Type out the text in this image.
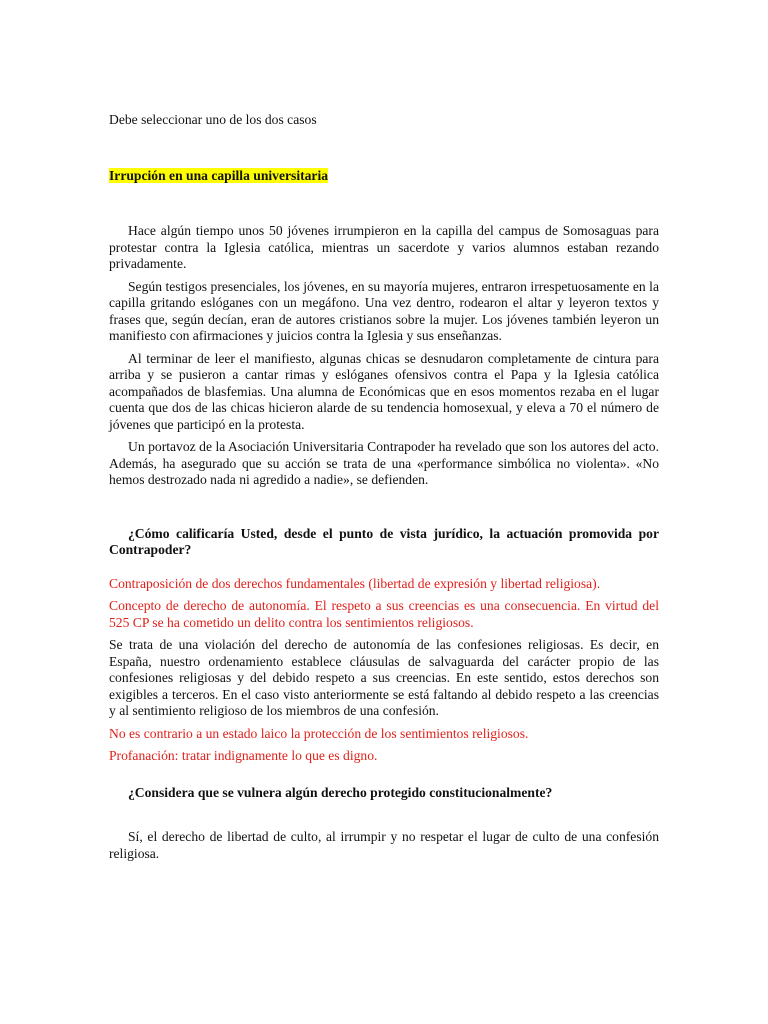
Debe seleccionar uno de los dos casos
Irrupción en una capilla universitaria

Hace algún tiempo unos 50 jóvenes irrumpieron en la capilla del campus de Somosaguas para protestar contra la Iglesia católica, mientras un sacerdote y varios alumnos estaban rezando privadamente.

Según testigos presenciales, los jóvenes, en su mayoría mujeres, entraron irrespetuosamente en la capilla gritando eslóganes con un megáfono. Una vez dentro, rodearon el altar y leyeron textos y frases que, según decían, eran de autores cristianos sobre la mujer. Los jóvenes también leyeron un manifiesto con afirmaciones y juicios contra la Iglesia y sus enseñanzas.

Al terminar de leer el manifiesto, algunas chicas se desnudaron completamente de cintura para arriba y se pusieron a cantar rimas y eslóganes ofensivos contra el Papa y la Iglesia católica acompañados de blasfemias. Una alumna de Económicas que en esos momentos rezaba en el lugar cuenta que dos de las chicas hicieron alarde de su tendencia homosexual, y eleva a 70 el número de jóvenes que participó en la protesta.

Un portavoz de la Asociación Universitaria Contrapoder ha revelado que son los autores del acto. Además, ha asegurado que su acción se trata de una «performance simbólica no violenta». «No hemos destrozado nada ni agredido a nadie», se defienden.

¿Cómo calificaría Usted, desde el punto de vista jurídico, la actuación promovida por Contrapoder?

Contraposición de dos derechos fundamentales (libertad de expresión y libertad religiosa).

Concepto de derecho de autonomía. El respeto a sus creencias es una consecuencia. En virtud del 525 CP se ha cometido un delito contra los sentimientos religiosos.

Se trata de una violación del derecho de autonomía de las confesiones religiosas. Es decir, en España, nuestro ordenamiento establece cláusulas de salvaguarda del carácter propio de las confesiones religiosas y del debido respeto a sus creencias. En este sentido, estos derechos son exigibles a terceros. En el caso visto anteriormente se está faltando al debido respeto a las creencias y al sentimiento religioso de los miembros de una confesión.

No es contrario a un estado laico la protección de los sentimientos religiosos.

Profanación: tratar indignamente lo que es digno.

¿Considera que se vulnera algún derecho protegido constitucionalmente?

Sí, el derecho de libertad de culto, al irrumpir y no respetar el lugar de culto de una confesión religiosa.
